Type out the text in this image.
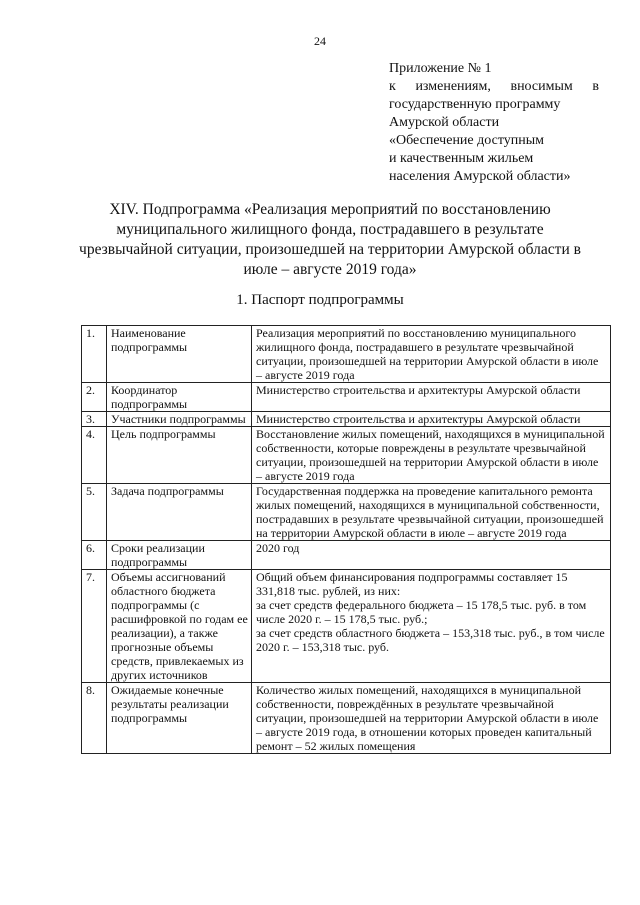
24
Приложение № 1
к изменениям, вносимым в
государственную программу
Амурской области
«Обеспечение доступным
и качественным жильем
населения Амурской области»
XIV. Подпрограмма «Реализация мероприятий по восстановлению муниципального жилищного фонда, пострадавшего в результате чрезвычайной ситуации, произошедшей на территории Амурской области в июле – августе 2019 года»
1. Паспорт подпрограммы
1.	Наименование подпрограммы	Реализация мероприятий по восстановлению муниципального жилищного фонда, пострадавшего в результате чрезвычайной ситуации, произошедшей на территории Амурской области в июле – августе 2019 года

2.	Координатор подпрограммы	Министерство строительства и архитектуры Амурской области

3.	Участники подпрограммы	Министерство строительства и архитектуры Амурской области

4.	Цель подпрограммы	Восстановление жилых помещений, находящихся в муниципальной собственности, которые повреждены в результате чрезвычайной ситуации, произошедшей на территории Амурской области в июле – августе 2019 года

5.	Задача подпрограммы	Государственная поддержка на проведение капитального ремонта жилых помещений, находящихся в муниципальной собственности, пострадавших в результате чрезвычайной ситуации, произошедшей на территории Амурской области в июле – августе 2019 года

6.	Сроки реализации подпрограммы	2020 год

7.	Объемы ассигнований областного бюджета подпрограммы (с расшифровкой по годам ее реализации), а также прогнозные объемы средств, привлекаемых из других источников	Общий объем финансирования подпрограммы составляет 15 331,818 тыс. рублей, из них:
за счет средств федерального бюджета – 15 178,5 тыс. руб. в том числе 2020 г. – 15 178,5 тыс. руб.;
за счет средств областного бюджета – 153,318 тыс. руб., в том числе 2020 г. – 153,318 тыс. руб.

8.	Ожидаемые конечные результаты реализации подпрограммы	Количество жилых помещений, находящихся в муниципальной собственности, повреждённых в результате чрезвычайной ситуации, произошедшей на территории Амурской области в июле – августе 2019 года, в отношении которых проведен капитальный ремонт – 52 жилых помещения
